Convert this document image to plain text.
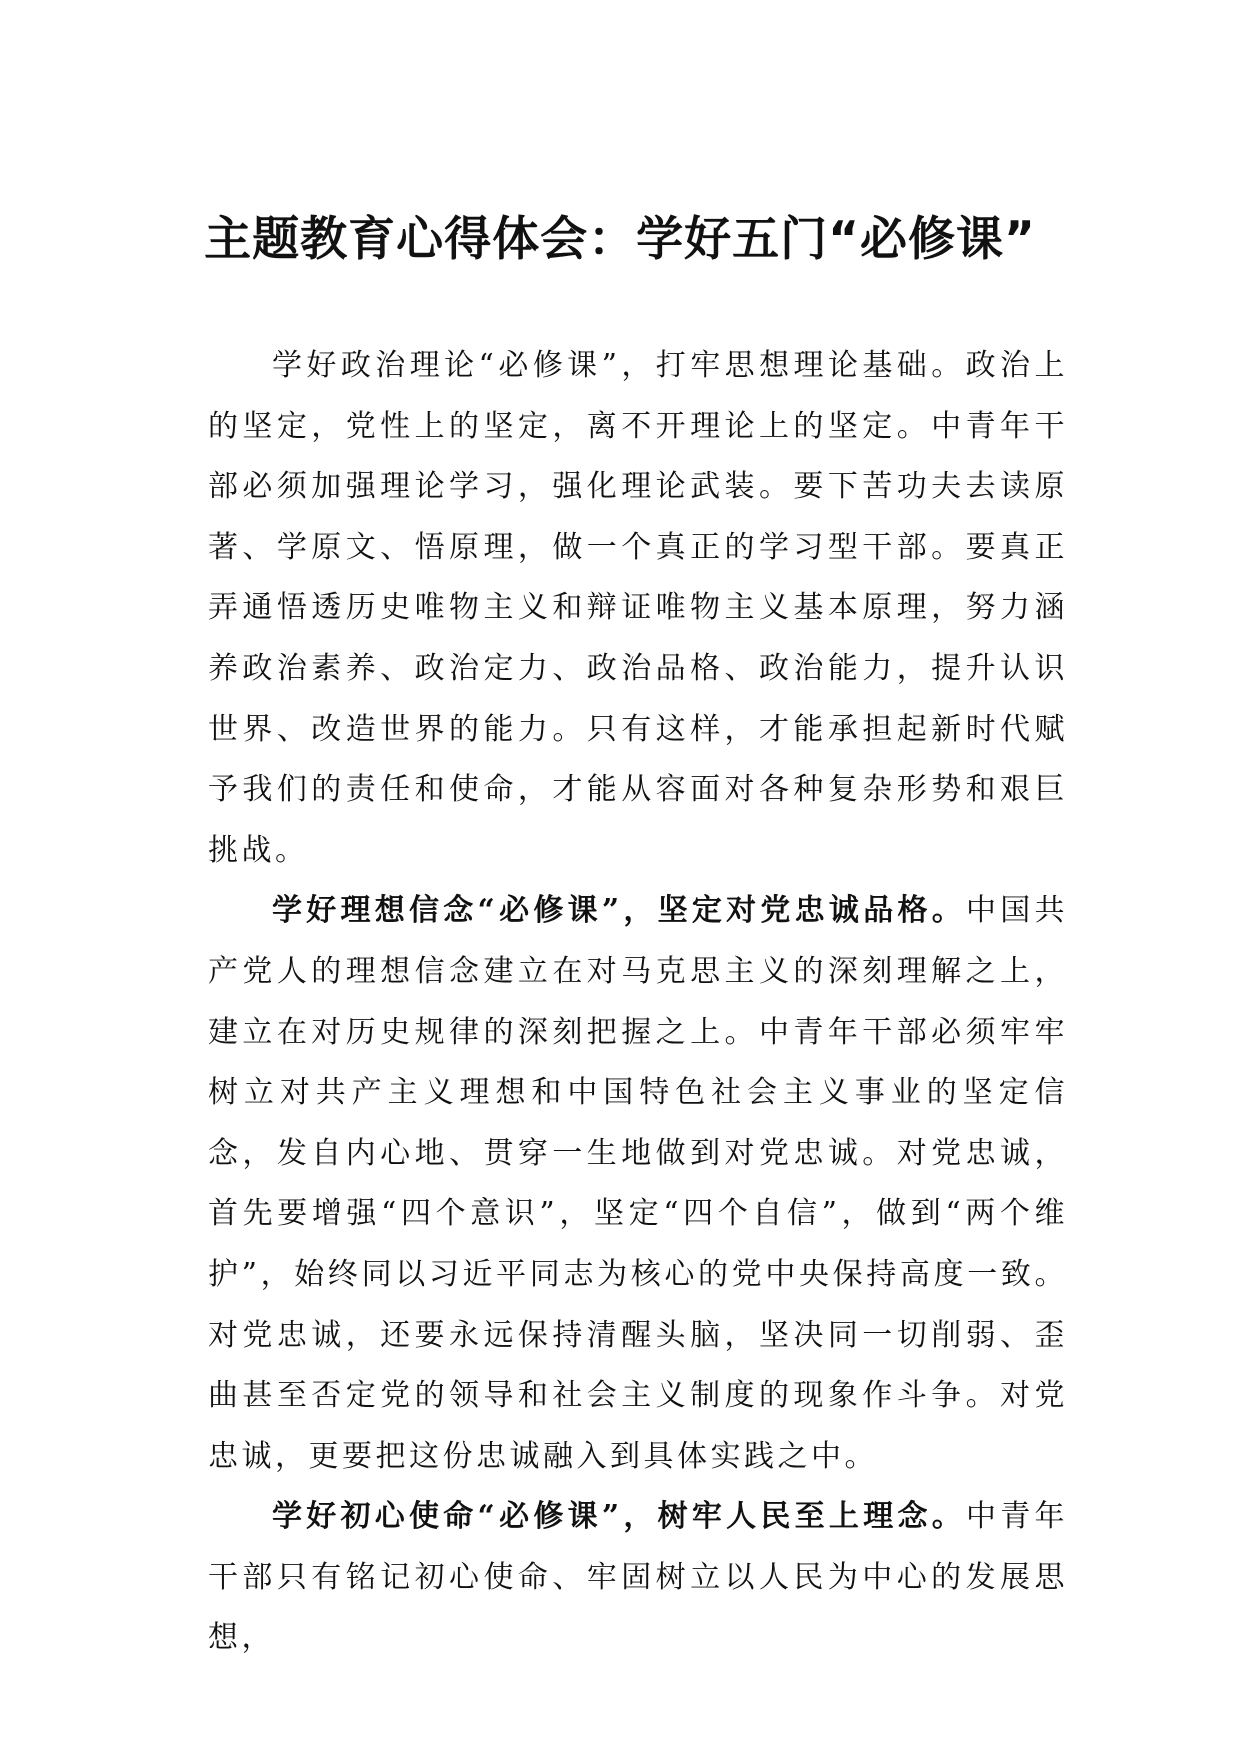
主题教育心得体会：学好五门“必修课”

学好政治理论“必修课”，打牢思想理论基础。政治上的坚定，党性上的坚定，离不开理论上的坚定。中青年干部必须加强理论学习，强化理论武装。要下苦功夫去读原著、学原文、悟原理，做一个真正的学习型干部。要真正弄通悟透历史唯物主义和辩证唯物主义基本原理，努力涵养政治素养、政治定力、政治品格、政治能力，提升认识世界、改造世界的能力。只有这样，才能承担起新时代赋予我们的责任和使命，才能从容面对各种复杂形势和艰巨挑战。

学好理想信念“必修课”，坚定对党忠诚品格。中国共产党人的理想信念建立在对马克思主义的深刻理解之上，建立在对历史规律的深刻把握之上。中青年干部必须牢牢树立对共产主义理想和中国特色社会主义事业的坚定信念，发自内心地、贯穿一生地做到对党忠诚。对党忠诚，首先要增强“四个意识”，坚定“四个自信”，做到“两个维护”，始终同以习近平同志为核心的党中央保持高度一致。对党忠诚，还要永远保持清醒头脑，坚决同一切削弱、歪曲甚至否定党的领导和社会主义制度的现象作斗争。对党忠诚，更要把这份忠诚融入到具体实践之中。

学好初心使命“必修课”，树牢人民至上理念。中青年干部只有铭记初心使命、牢固树立以人民为中心的发展思想，
